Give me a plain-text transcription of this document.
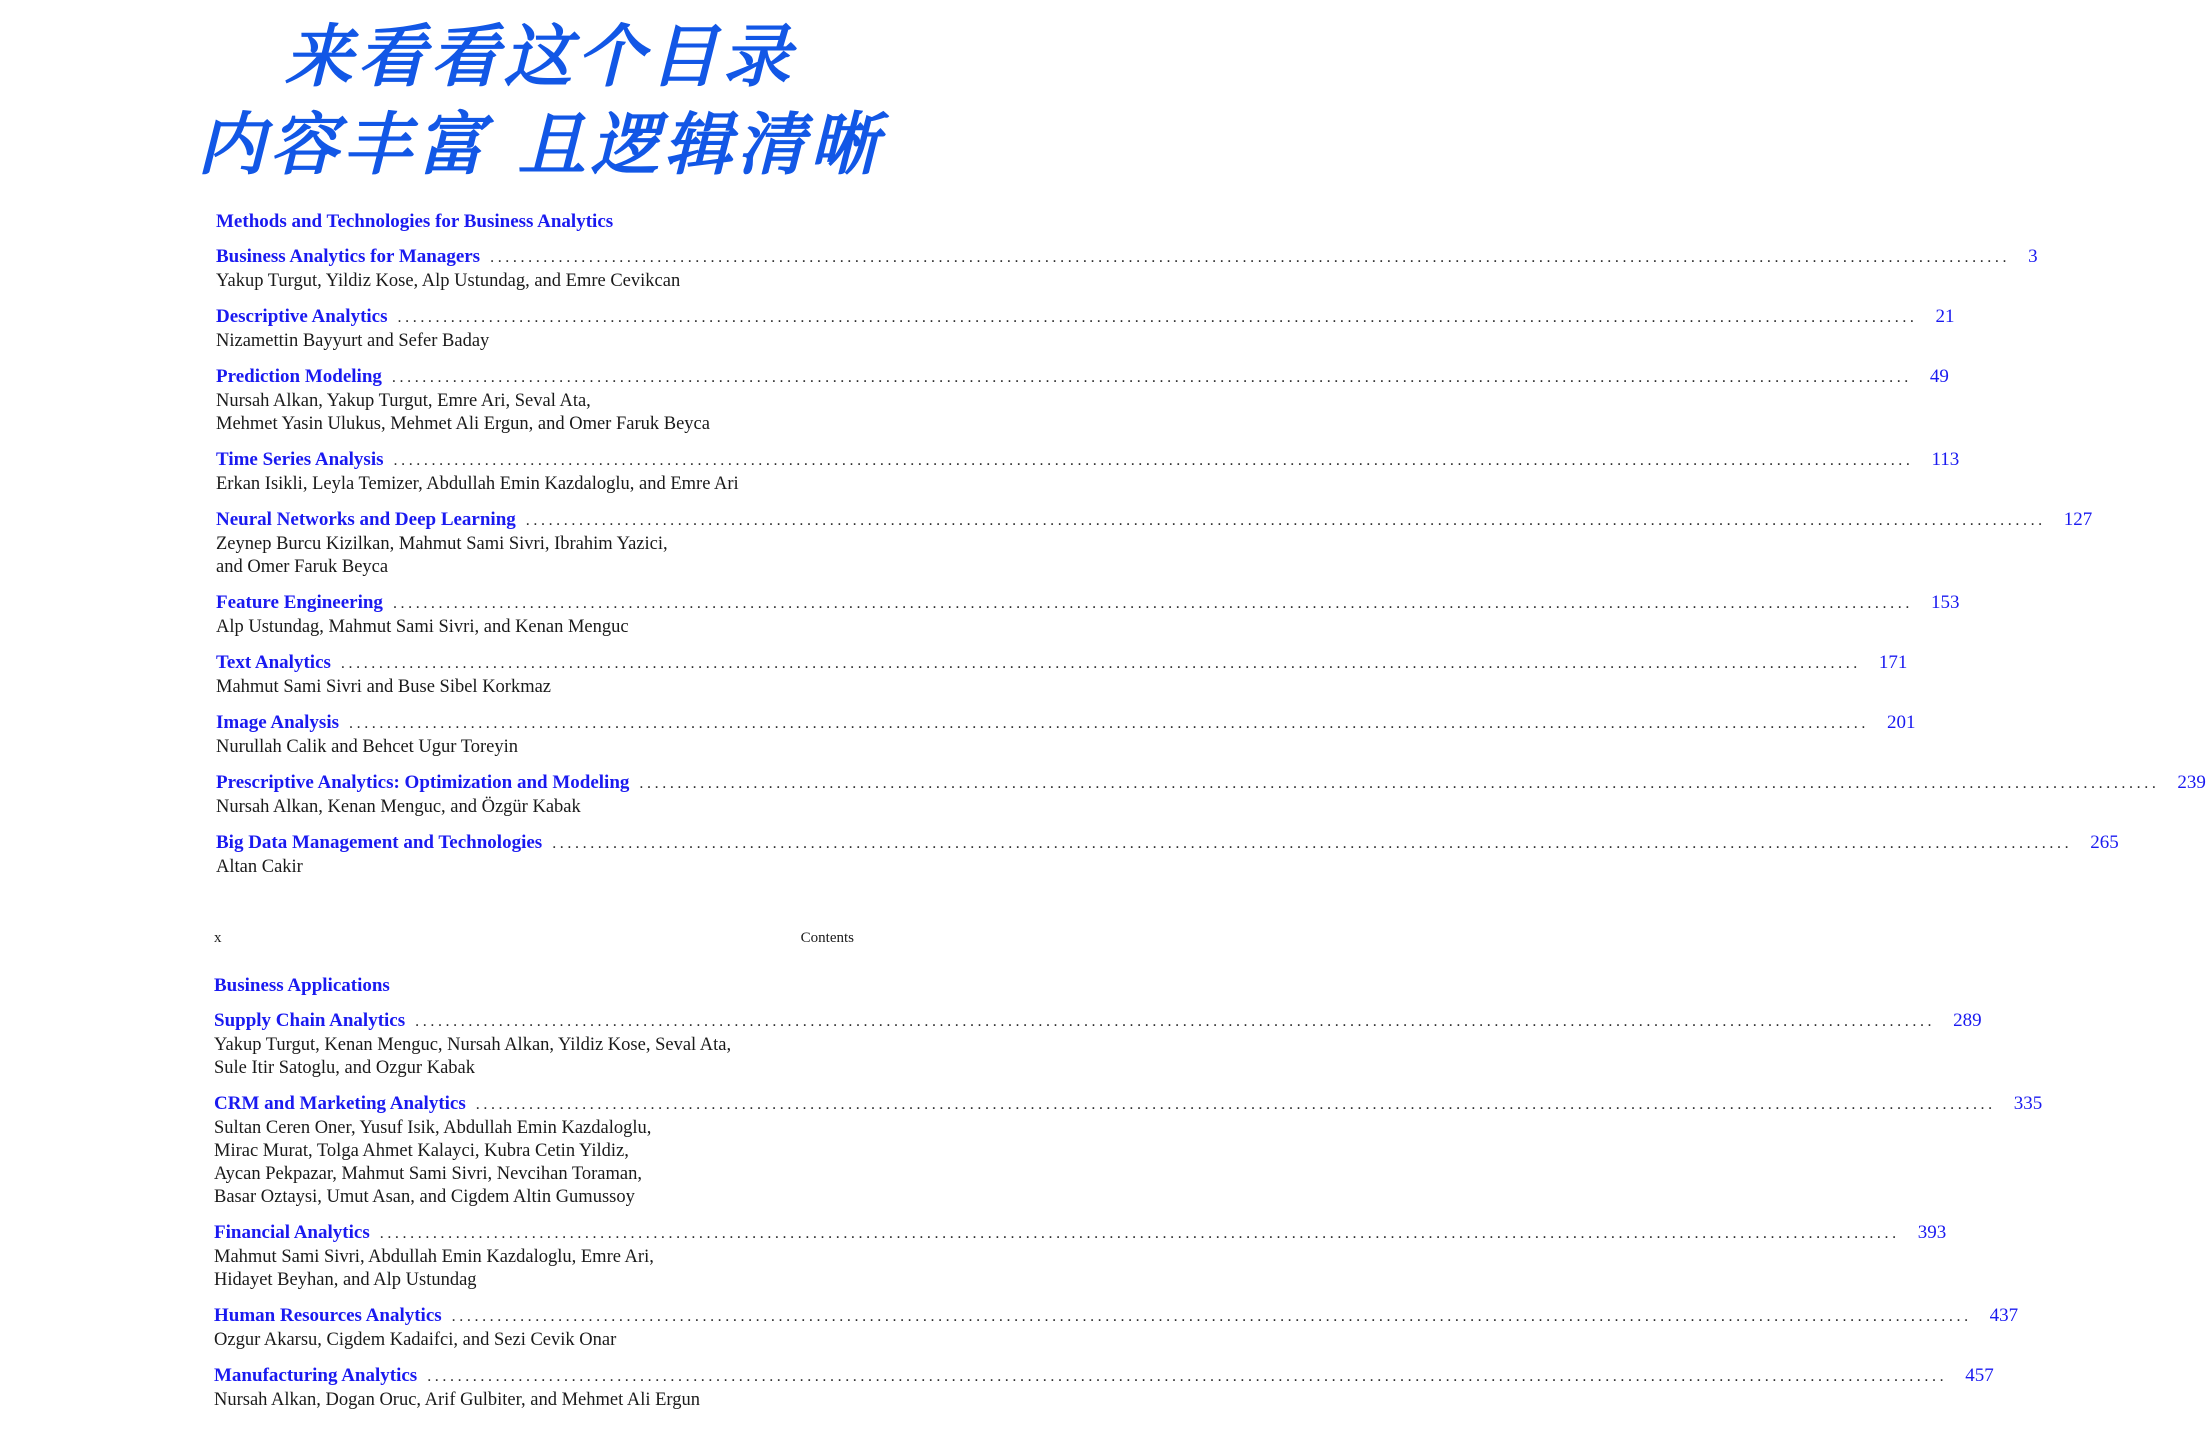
来看看这个目录
内容丰富 且逻辑清晰
Methods and Technologies for Business Analytics
Business Analytics for Managers ........................................................................................................................................................................................................ 3
Yakup Turgut, Yildiz Kose, Alp Ustundag, and Emre Cevikcan
Descriptive Analytics ........................................................................................................................................................................................................ 21
Nizamettin Bayyurt and Sefer Baday
Prediction Modeling ........................................................................................................................................................................................................ 49
Nursah Alkan, Yakup Turgut, Emre Ari, Seval Ata,
Mehmet Yasin Ulukus, Mehmet Ali Ergun, and Omer Faruk Beyca
Time Series Analysis ........................................................................................................................................................................................................ 113
Erkan Isikli, Leyla Temizer, Abdullah Emin Kazdaloglu, and Emre Ari
Neural Networks and Deep Learning ........................................................................................................................................................................................................ 127
Zeynep Burcu Kizilkan, Mahmut Sami Sivri, Ibrahim Yazici,
and Omer Faruk Beyca
Feature Engineering ........................................................................................................................................................................................................ 153
Alp Ustundag, Mahmut Sami Sivri, and Kenan Menguc
Text Analytics ........................................................................................................................................................................................................ 171
Mahmut Sami Sivri and Buse Sibel Korkmaz
Image Analysis ........................................................................................................................................................................................................ 201
Nurullah Calik and Behcet Ugur Toreyin
Prescriptive Analytics: Optimization and Modeling ........................................................................................................................................................................................................ 239
Nursah Alkan, Kenan Menguc, and Özgür Kabak
Big Data Management and Technologies ........................................................................................................................................................................................................ 265
Altan Cakir
x	Contents
Business Applications
Supply Chain Analytics ........................................................................................................................................................................................................ 289
Yakup Turgut, Kenan Menguc, Nursah Alkan, Yildiz Kose, Seval Ata,
Sule Itir Satoglu, and Ozgur Kabak
CRM and Marketing Analytics ........................................................................................................................................................................................................ 335
Sultan Ceren Oner, Yusuf Isik, Abdullah Emin Kazdaloglu,
Mirac Murat, Tolga Ahmet Kalayci, Kubra Cetin Yildiz,
Aycan Pekpazar, Mahmut Sami Sivri, Nevcihan Toraman,
Basar Oztaysi, Umut Asan, and Cigdem Altin Gumussoy
Financial Analytics ........................................................................................................................................................................................................ 393
Mahmut Sami Sivri, Abdullah Emin Kazdaloglu, Emre Ari,
Hidayet Beyhan, and Alp Ustundag
Human Resources Analytics ........................................................................................................................................................................................................ 437
Ozgur Akarsu, Cigdem Kadaifci, and Sezi Cevik Onar
Manufacturing Analytics ........................................................................................................................................................................................................ 457
Nursah Alkan, Dogan Oruc, Arif Gulbiter, and Mehmet Ali Ergun
